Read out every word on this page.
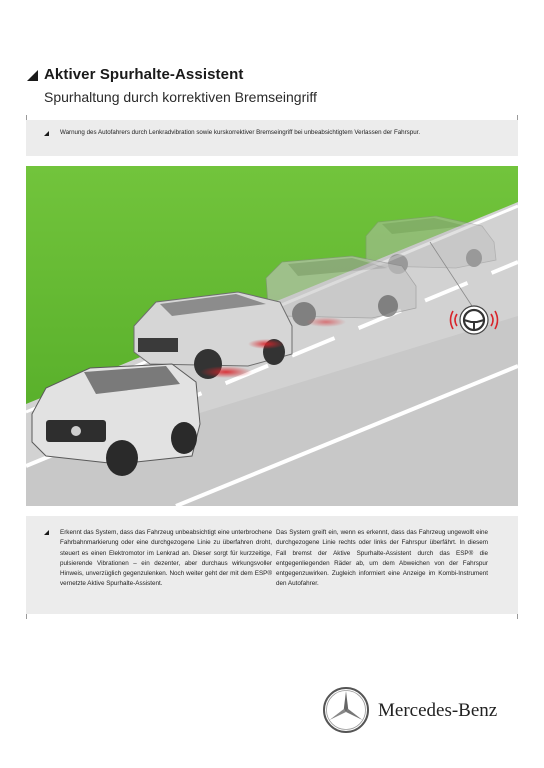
Aktiver Spurhalte-Assistent
Spurhaltung durch korrektiven Bremseingriff
Warnung des Autofahrers durch Lenkradvibration sowie kurskorrektiver Bremseingriff bei unbeabsichtigtem Verlassen der Fahrspur.
Erkennt das System, dass das Fahrzeug unbeabsichtigt eine unterbrochene Fahrbahnmarkierung oder eine durchgezogene Linie zu überfahren droht, steuert es einen Elektromotor im Lenkrad an. Dieser sorgt für kurzzeitige, pulsierende Vibrationen – ein dezenter, aber durchaus wirkungsvoller Hinweis, unverzüglich gegenzulenken. Noch weiter geht der mit dem ESP® vernetzte Aktive Spurhalte-Assistent.
Das System greift ein, wenn es erkennt, dass das Fahrzeug ungewollt eine durchgezogene Linie rechts oder links der Fahrspur überfährt. In diesem Fall bremst der Aktive Spurhalte-Assistent durch das ESP® die entgegenliegenden Räder ab, um dem Abweichen von der Fahrspur entgegenzuwirken. Zugleich informiert eine Anzeige im Kombi-Instrument den Autofahrer.
Mercedes-Benz
